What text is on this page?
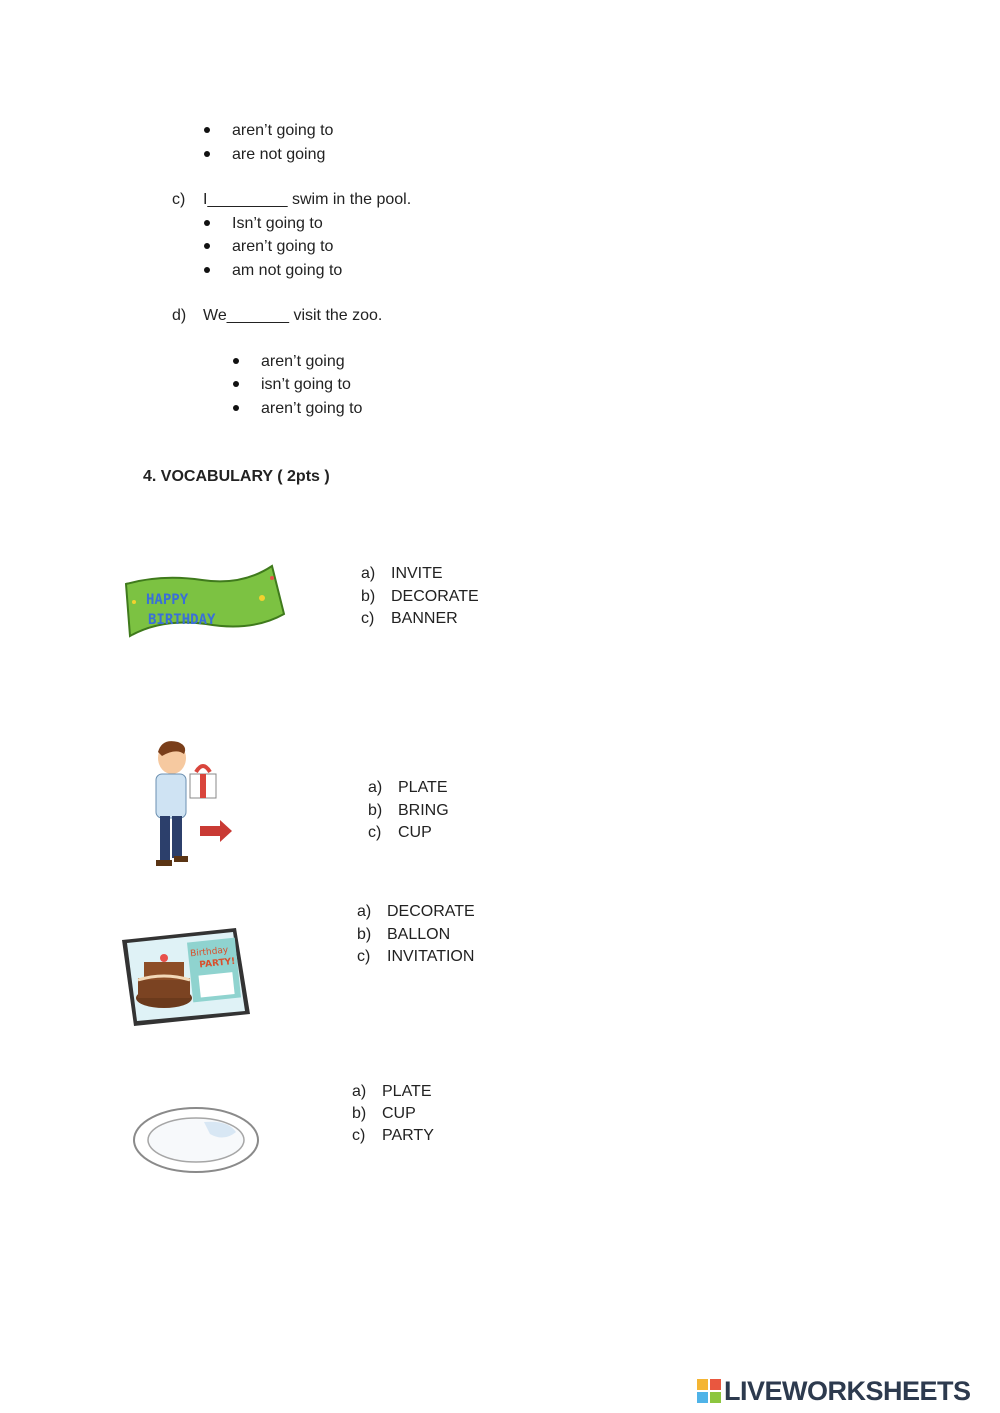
aren’t going to
are not going
c) I_________ swim in the pool.
Isn’t going to
aren’t going to
am not going to
d) We_______ visit the zoo.
aren’t going
isn’t going to
aren’t going to
4. VOCABULARY ( 2pts )
HAPPY
BIRTHDAY
a) INVITE
b) DECORATE
c) BANNER
a) PLATE
b) BRING
c) CUP
Birthday
PARTY!
a) DECORATE
b) BALLON
c) INVITATION
a) PLATE
b) CUP
c) PARTY
LIVEWORKSHEETS
